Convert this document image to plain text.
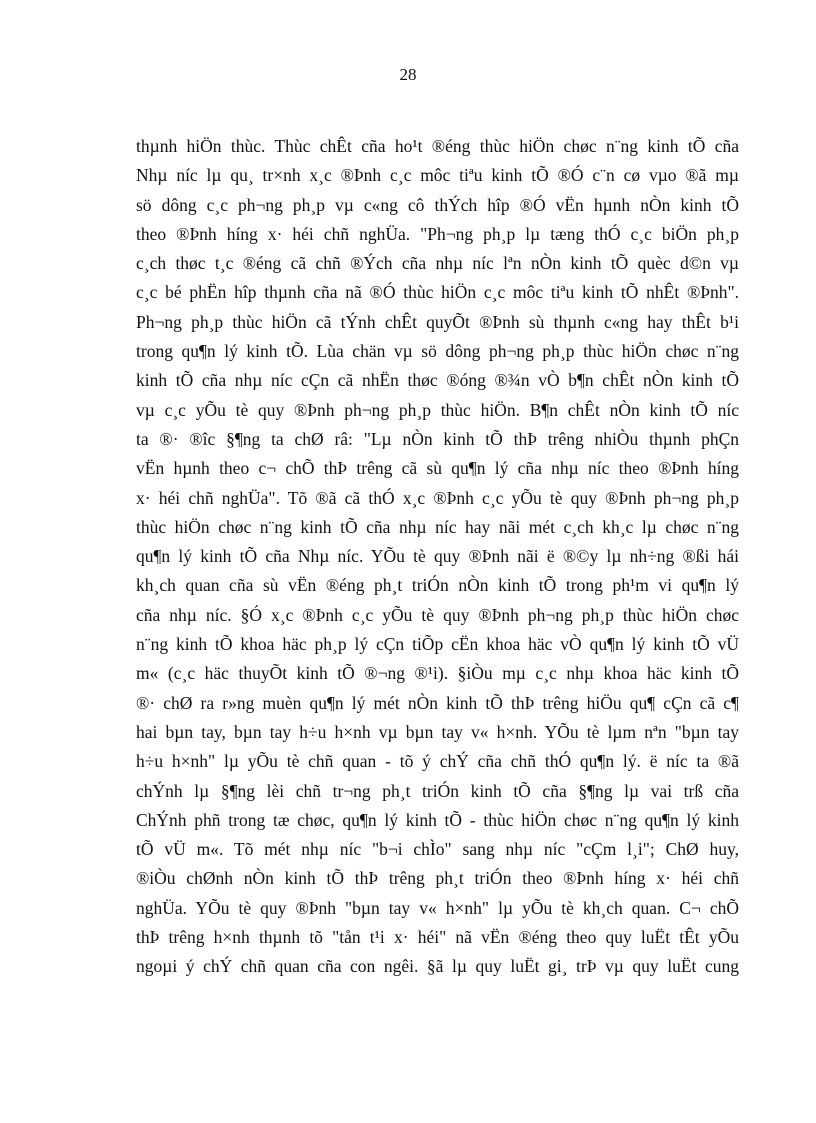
28
thµnh hiÖn thùc. Thùc chÊt cña ho¹t ®éng thùc hiÖn chøc n¨ng kinh tÕ cña
Nhµ níc lµ qu¸ tr×nh x¸c ®Þnh c¸c môc tiªu kinh tÕ ®Ó c¨n cø vµo ®ã mµ
sö dông c¸c ph¬ng ph¸p vµ c«ng cô thÝch hîp ®Ó vËn hµnh nÒn kinh tÕ
theo ®Þnh híng x· héi chñ nghÜa. "Ph¬ng ph¸p lµ tæng thÓ c¸c biÖn ph¸p
c¸ch thøc t¸c ®éng cã chñ ®Ých cña nhµ níc lªn nÒn kinh tÕ quèc d©n vµ
c¸c bé phËn hîp thµnh cña nã ®Ó thùc hiÖn c¸c môc tiªu kinh tÕ nhÊt ®Þnh".
Ph¬ng ph¸p thùc hiÖn cã tÝnh chÊt quyÕt ®Þnh sù thµnh c«ng hay thÊt b¹i
trong qu¶n lý kinh tÕ. Lùa chän vµ sö dông ph¬ng ph¸p thùc hiÖn chøc n¨ng
kinh tÕ cña nhµ níc cÇn cã nhËn thøc ®óng ®¾n vÒ b¶n chÊt nÒn kinh tÕ
vµ c¸c yÕu tè quy ®Þnh ph¬ng ph¸p thùc hiÖn. B¶n chÊt nÒn kinh tÕ níc
ta ®· ®îc §¶ng ta chØ râ: "Lµ nÒn kinh tÕ thÞ trêng nhiÒu thµnh phÇn
vËn hµnh theo c¬ chÕ thÞ trêng cã sù qu¶n lý cña nhµ níc theo ®Þnh híng
x· héi chñ nghÜa". Tõ ®ã cã thÓ x¸c ®Þnh c¸c yÕu tè quy ®Þnh ph¬ng ph¸p
thùc hiÖn chøc n¨ng kinh tÕ cña nhµ níc hay nãi mét c¸ch kh¸c lµ chøc n¨ng
qu¶n lý kinh tÕ cña Nhµ níc. YÕu tè quy ®Þnh nãi ë ®©y lµ nh÷ng ®ßi hái
kh¸ch quan cña sù vËn ®éng ph¸t triÓn nÒn kinh tÕ trong ph¹m vi qu¶n lý
cña nhµ níc. §Ó x¸c ®Þnh c¸c yÕu tè quy ®Þnh ph¬ng ph¸p thùc hiÖn chøc
n¨ng kinh tÕ khoa häc ph¸p lý cÇn tiÕp cËn khoa häc vÒ qu¶n lý kinh tÕ vÜ
m« (c¸c häc thuyÕt kinh tÕ ®¬ng ®¹i). §iÒu mµ c¸c nhµ khoa häc kinh tÕ
®· chØ ra r»ng muèn qu¶n lý mét nÒn kinh tÕ thÞ trêng hiÖu qu¶ cÇn cã c¶
hai bµn tay, bµn tay h÷u h×nh vµ bµn tay v« h×nh. YÕu tè lµm nªn "bµn tay
h÷u h×nh" lµ yÕu tè chñ quan - tõ ý chÝ cña chñ thÓ qu¶n lý. ë níc ta ®ã
chÝnh lµ §¶ng lèi chñ tr¬ng ph¸t triÓn kinh tÕ cña §¶ng lµ vai trß cña
ChÝnh phñ trong tæ chøc, qu¶n lý kinh tÕ - thùc hiÖn chøc n¨ng qu¶n lý kinh
tÕ vÜ m«. Tõ mét nhµ níc "b¬i chÌo" sang nhµ níc "cÇm l¸i"; ChØ huy,
®iÒu chØnh nÒn kinh tÕ thÞ trêng ph¸t triÓn theo ®Þnh híng x· héi chñ
nghÜa. YÕu tè quy ®Þnh "bµn tay v« h×nh" lµ yÕu tè kh¸ch quan. C¬ chÕ
thÞ trêng h×nh thµnh tõ "tån t¹i x· héi" nã vËn ®éng theo quy luËt tÊt yÕu
ngoµi ý chÝ chñ quan cña con ngêi. §ã lµ quy luËt gi¸ trÞ vµ quy luËt cung
